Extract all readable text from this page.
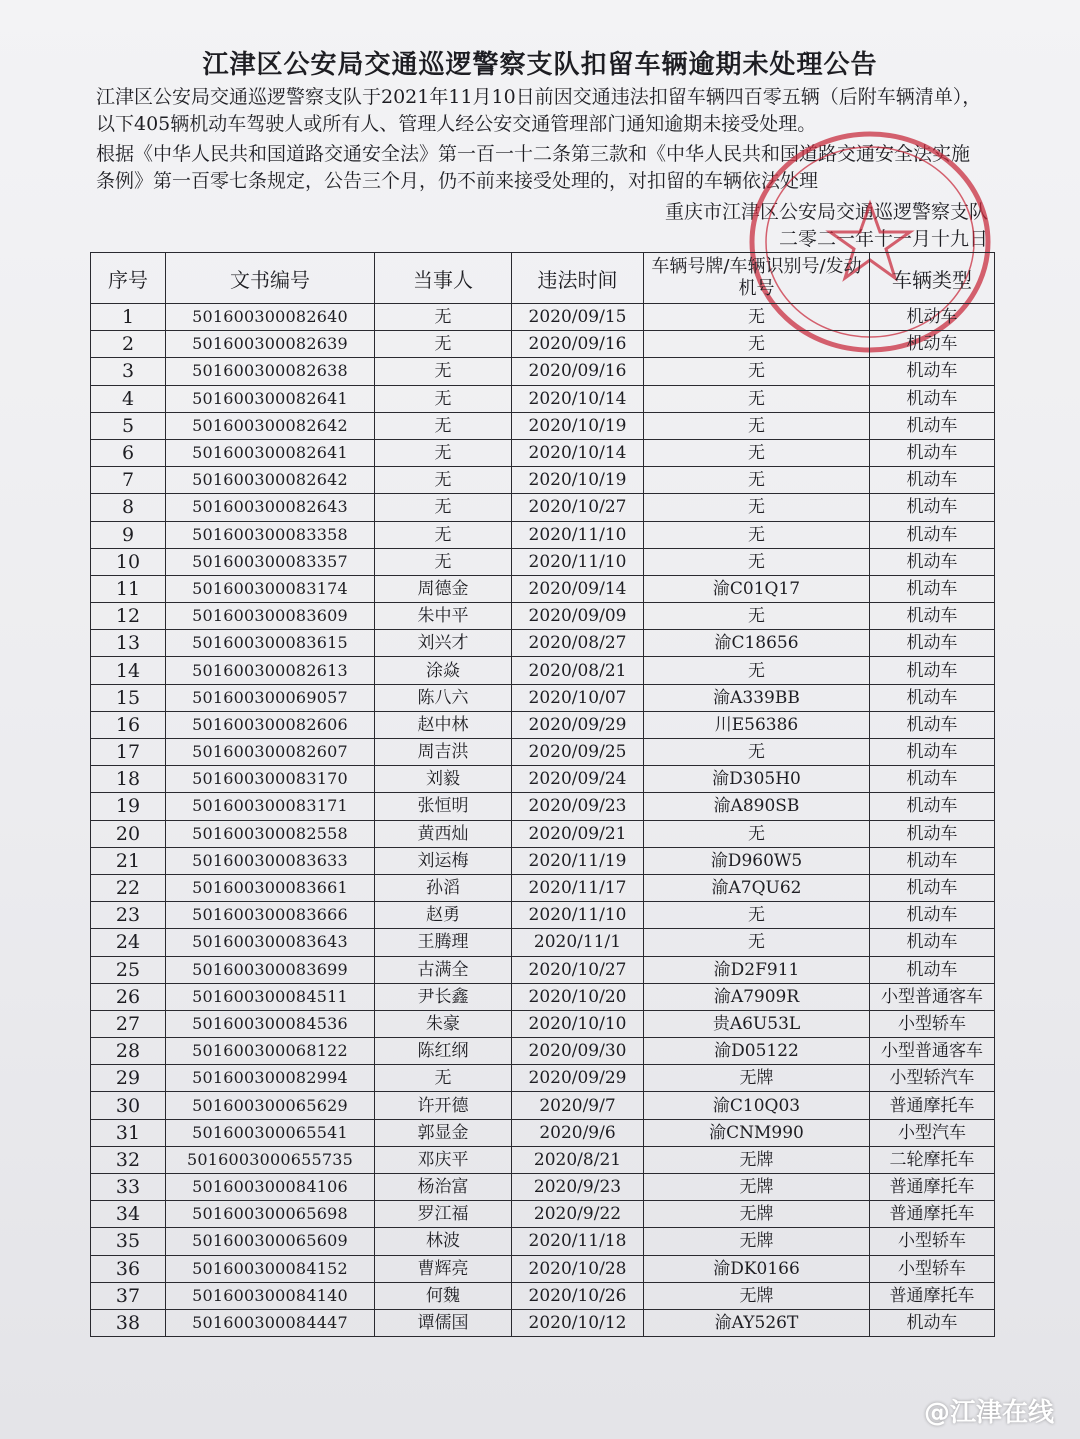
江津区公安局交通巡逻警察支队扣留车辆逾期未处理公告
江津区公安局交通巡逻警察支队于2021年11月10日前因交通违法扣留车辆四百零五辆（后附车辆清单），以下405辆机动车驾驶人或所有人、管理人经公安交通管理部门通知逾期未接受处理。
根据《中华人民共和国道路交通安全法》第一百一十二条第三款和《中华人民共和国道路交通安全法实施条例》第一百零七条规定，公告三个月，仍不前来接受处理的，对扣留的车辆依法处理
重庆市江津区公安局交通巡逻警察支队
二零二一年十一月十九日
序号	文书编号	当事人	违法时间	车辆号牌/车辆识别号/发动机号	车辆类型
1	501600300082640	无	2020/09/15	无	机动车
2	501600300082639	无	2020/09/16	无	机动车
3	501600300082638	无	2020/09/16	无	机动车
4	501600300082641	无	2020/10/14	无	机动车
5	501600300082642	无	2020/10/19	无	机动车
6	501600300082641	无	2020/10/14	无	机动车
7	501600300082642	无	2020/10/19	无	机动车
8	501600300082643	无	2020/10/27	无	机动车
9	501600300083358	无	2020/11/10	无	机动车
10	501600300083357	无	2020/11/10	无	机动车
11	501600300083174	周德金	2020/09/14	渝C01Q17	机动车
12	501600300083609	朱中平	2020/09/09	无	机动车
13	501600300083615	刘兴才	2020/08/27	渝C18656	机动车
14	501600300082613	涂焱	2020/08/21	无	机动车
15	501600300069057	陈八六	2020/10/07	渝A339BB	机动车
16	501600300082606	赵中林	2020/09/29	川E56386	机动车
17	501600300082607	周吉洪	2020/09/25	无	机动车
18	501600300083170	刘毅	2020/09/24	渝D305H0	机动车
19	501600300083171	张恒明	2020/09/23	渝A890SB	机动车
20	501600300082558	黄西灿	2020/09/21	无	机动车
21	501600300083633	刘运梅	2020/11/19	渝D960W5	机动车
22	501600300083661	孙滔	2020/11/17	渝A7QU62	机动车
23	501600300083666	赵勇	2020/11/10	无	机动车
24	501600300083643	王腾理	2020/11/1	无	机动车
25	501600300083699	古满全	2020/10/27	渝D2F911	机动车
26	501600300084511	尹长鑫	2020/10/20	渝A7909R	小型普通客车
27	501600300084536	朱豪	2020/10/10	贵A6U53L	小型轿车
28	501600300068122	陈红纲	2020/09/30	渝D05122	小型普通客车
29	501600300082994	无	2020/09/29	无牌	小型轿汽车
30	501600300065629	许开德	2020/9/7	渝C10Q03	普通摩托车
31	501600300065541	郭显金	2020/9/6	渝CNM990	小型汽车
32	5016003000655735	邓庆平	2020/8/21	无牌	二轮摩托车
33	501600300084106	杨治富	2020/9/23	无牌	普通摩托车
34	501600300065698	罗江福	2020/9/22	无牌	普通摩托车
35	501600300065609	林波	2020/11/18	无牌	小型轿车
36	501600300084152	曹辉亮	2020/10/28	渝DK0166	小型轿车
37	501600300084140	何魏	2020/10/26	无牌	普通摩托车
38	501600300084447	谭儒国	2020/10/12	渝AY526T	机动车
@江津在线
